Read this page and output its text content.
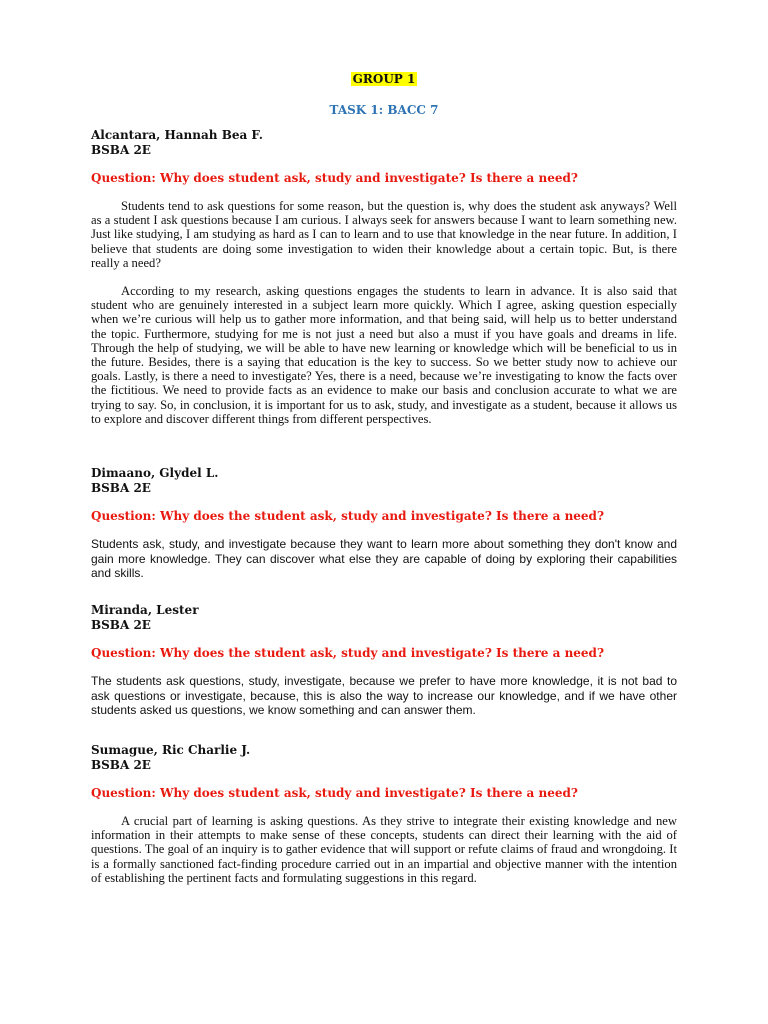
GROUP 1
TASK 1: BACC 7
Alcantara, Hannah Bea F.
BSBA 2E
Question: Why does student ask, study and investigate? Is there a need?

Students tend to ask questions for some reason, but the question is, why does the student ask anyways? Well as a student I ask questions because I am curious. I always seek for answers because I want to learn something new. Just like studying, I am studying as hard as I can to learn and to use that knowledge in the near future. In addition, I believe that students are doing some investigation to widen their knowledge about a certain topic. But, is there really a need?

According to my research, asking questions engages the students to learn in advance. It is also said that student who are genuinely interested in a subject learn more quickly. Which I agree, asking question especially when we’re curious will help us to gather more information, and that being said, will help us to better understand the topic. Furthermore, studying for me is not just a need but also a must if you have goals and dreams in life. Through the help of studying, we will be able to have new learning or knowledge which will be beneficial to us in the future. Besides, there is a saying that education is the key to success. So we better study now to achieve our goals. Lastly, is there a need to investigate? Yes, there is a need, because we’re investigating to know the facts over the fictitious. We need to provide facts as an evidence to make our basis and conclusion accurate to what we are trying to say. So, in conclusion, it is important for us to ask, study, and investigate as a student, because it allows us to explore and discover different things from different perspectives.

Dimaano, Glydel L.
BSBA 2E
Question: Why does the student ask, study and investigate? Is there a need?

Students ask, study, and investigate because they want to learn more about something they don't know and gain more knowledge. They can discover what else they are capable of doing by exploring their capabilities and skills.

Miranda, Lester
BSBA 2E
Question: Why does the student ask, study and investigate? Is there a need?

The students ask questions, study, investigate, because we prefer to have more knowledge, it is not bad to ask questions or investigate, because, this is also the way to increase our knowledge, and if we have other students asked us questions, we know something and can answer them.

Sumague, Ric Charlie J.
BSBA 2E
Question: Why does student ask, study and investigate? Is there a need?

A crucial part of learning is asking questions. As they strive to integrate their existing knowledge and new information in their attempts to make sense of these concepts, students can direct their learning with the aid of questions. The goal of an inquiry is to gather evidence that will support or refute claims of fraud and wrongdoing. It is a formally sanctioned fact-finding procedure carried out in an impartial and objective manner with the intention of establishing the pertinent facts and formulating suggestions in this regard.
